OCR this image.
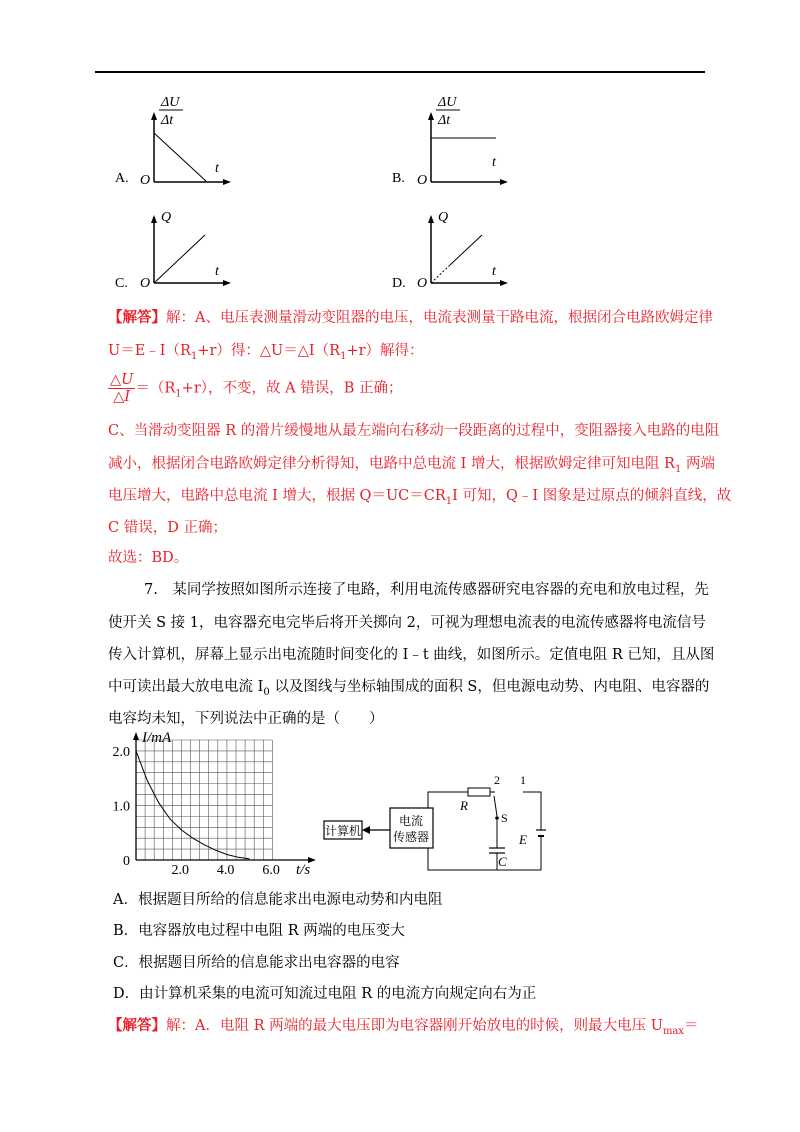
A.
ΔU
Δt
t
O	B.
ΔU
Δt
t
O
C.
Q
t
O	D.
Q
t
O
【解答】解：A、电压表测量滑动变阻器的电压，电流表测量干路电流，根据闭合电路欧姆定律
$U=E﹣I(R_1+r)$得：$\triangle U=\triangle I(R_1+r)$解得：
$\frac{\triangle U}{\triangle I} =(R_1+r)$，不变，故 A 错误，B 正确；
C、当滑动变阻器 R 的滑片缓慢地从最左端向右移动一段距离的过程中，变阻器接入电路的电阻
减小，根据闭合电路欧姆定律分析得知，电路中总电流 I 增大，根据欧姆定律可知电阻 $R_1$ 两端
电压增大，电路中总电流 I 增大，根据 $Q=UC=CR_1I$ 可知，Q﹣I 图象是过原点的倾斜直线，故
C 错误，D 正确；
故选：BD。
7.　某同学按照如图所示连接了电路，利用电流传感器研究电容器的充电和放电过程，先
使开关 S 接 1，电容器充电完毕后将开关掷向 2，可视为理想电流表的电流传感器将电流信号
传入计算机，屏幕上显示出电流随时间变化的 I﹣t 曲线，如图所示。定值电阻 R 已知，且从图
中可读出最大放电电流 $I_0$ 以及图线与坐标轴围成的面积 S，但电源电动势、内电阻、电容器的
电容均未知，下列说法中正确的是（　　）
I/mA
t/s
2.0 4.0 6.0
0
1.0
2.0
计算机
电流
传感器
R
2 1
S
C
E
A．根据题目所给的信息能求出电源电动势和内电阻
B．电容器放电过程中电阻 R 两端的电压变大
C．根据题目所给的信息能求出电容器的电容
D．由计算机采集的电流可知流过电阻 R 的电流方向规定向右为正
【解答】解：A．电阻 R 两端的最大电压即为电容器刚开始放电的时候，则最大电压 $U_{max}=$
